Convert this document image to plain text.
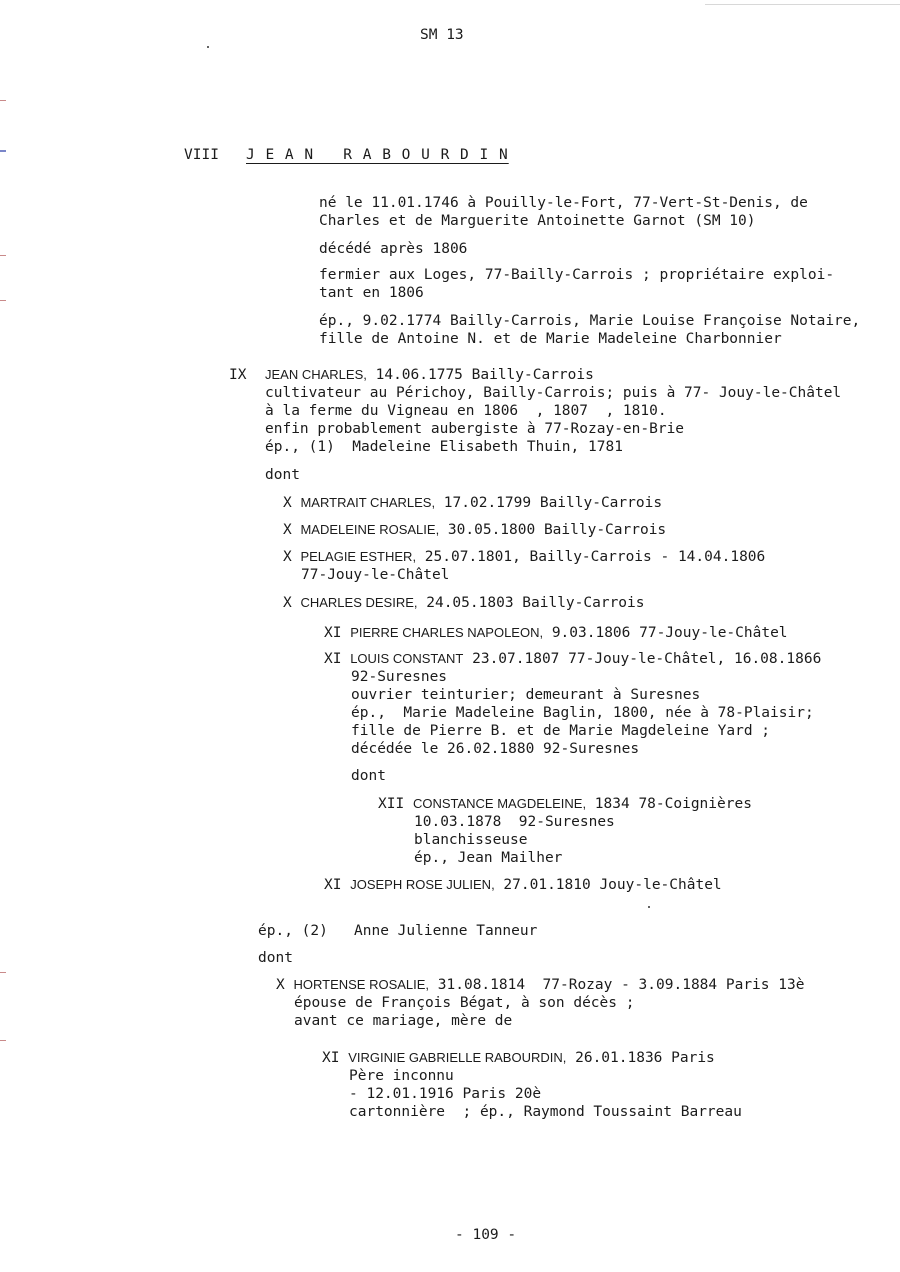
SM 13
VIII J E A N   R A B O U R D I N
né le 11.01.1746 à Pouilly-le-Fort, 77-Vert-St-Denis, de
Charles et de Marguerite Antoinette Garnot (SM 10)
décédé après 1806
fermier aux Loges, 77-Bailly-Carrois ; propriétaire exploi-
tant en 1806
ép., 9.02.1774 Bailly-Carrois, Marie Louise Françoise Notaire,
fille de Antoine N. et de Marie Madeleine Charbonnier
IX JEAN CHARLES, 14.06.1775 Bailly-Carrois
cultivateur au Périchoy, Bailly-Carrois; puis à 77- Jouy-le-Châtel
à la ferme du Vigneau en 1806  , 1807  , 1810.
enfin probablement aubergiste à 77-Rozay-en-Brie
ép., (1)  Madeleine Elisabeth Thuin, 1781
dont
X MARTRAIT CHARLES, 17.02.1799 Bailly-Carrois
X MADELEINE ROSALIE, 30.05.1800 Bailly-Carrois
X PELAGIE ESTHER, 25.07.1801, Bailly-Carrois - 14.04.1806
77-Jouy-le-Châtel
X CHARLES DESIRE, 24.05.1803 Bailly-Carrois
XI PIERRE CHARLES NAPOLEON, 9.03.1806 77-Jouy-le-Châtel
XI LOUIS CONSTANT 23.07.1807 77-Jouy-le-Châtel, 16.08.1866
92-Suresnes
ouvrier teinturier; demeurant à Suresnes
ép.,  Marie Madeleine Baglin, 1800, née à 78-Plaisir;
fille de Pierre B. et de Marie Magdeleine Yard ;
décédée le 26.02.1880 92-Suresnes
dont
XII CONSTANCE MAGDELEINE, 1834 78-Coignières
10.03.1878  92-Suresnes
blanchisseuse
ép., Jean Mailher
XI JOSEPH ROSE JULIEN, 27.01.1810 Jouy-le-Châtel
ép., (2)   Anne Julienne Tanneur
dont
X HORTENSE ROSALIE, 31.08.1814  77-Rozay - 3.09.1884 Paris 13è
épouse de François Bégat, à son décès ;
avant ce mariage, mère de
XI VIRGINIE GABRIELLE RABOURDIN, 26.01.1836 Paris
Père inconnu
- 12.01.1916 Paris 20è
cartonnière  ; ép., Raymond Toussaint Barreau
- 109 -
